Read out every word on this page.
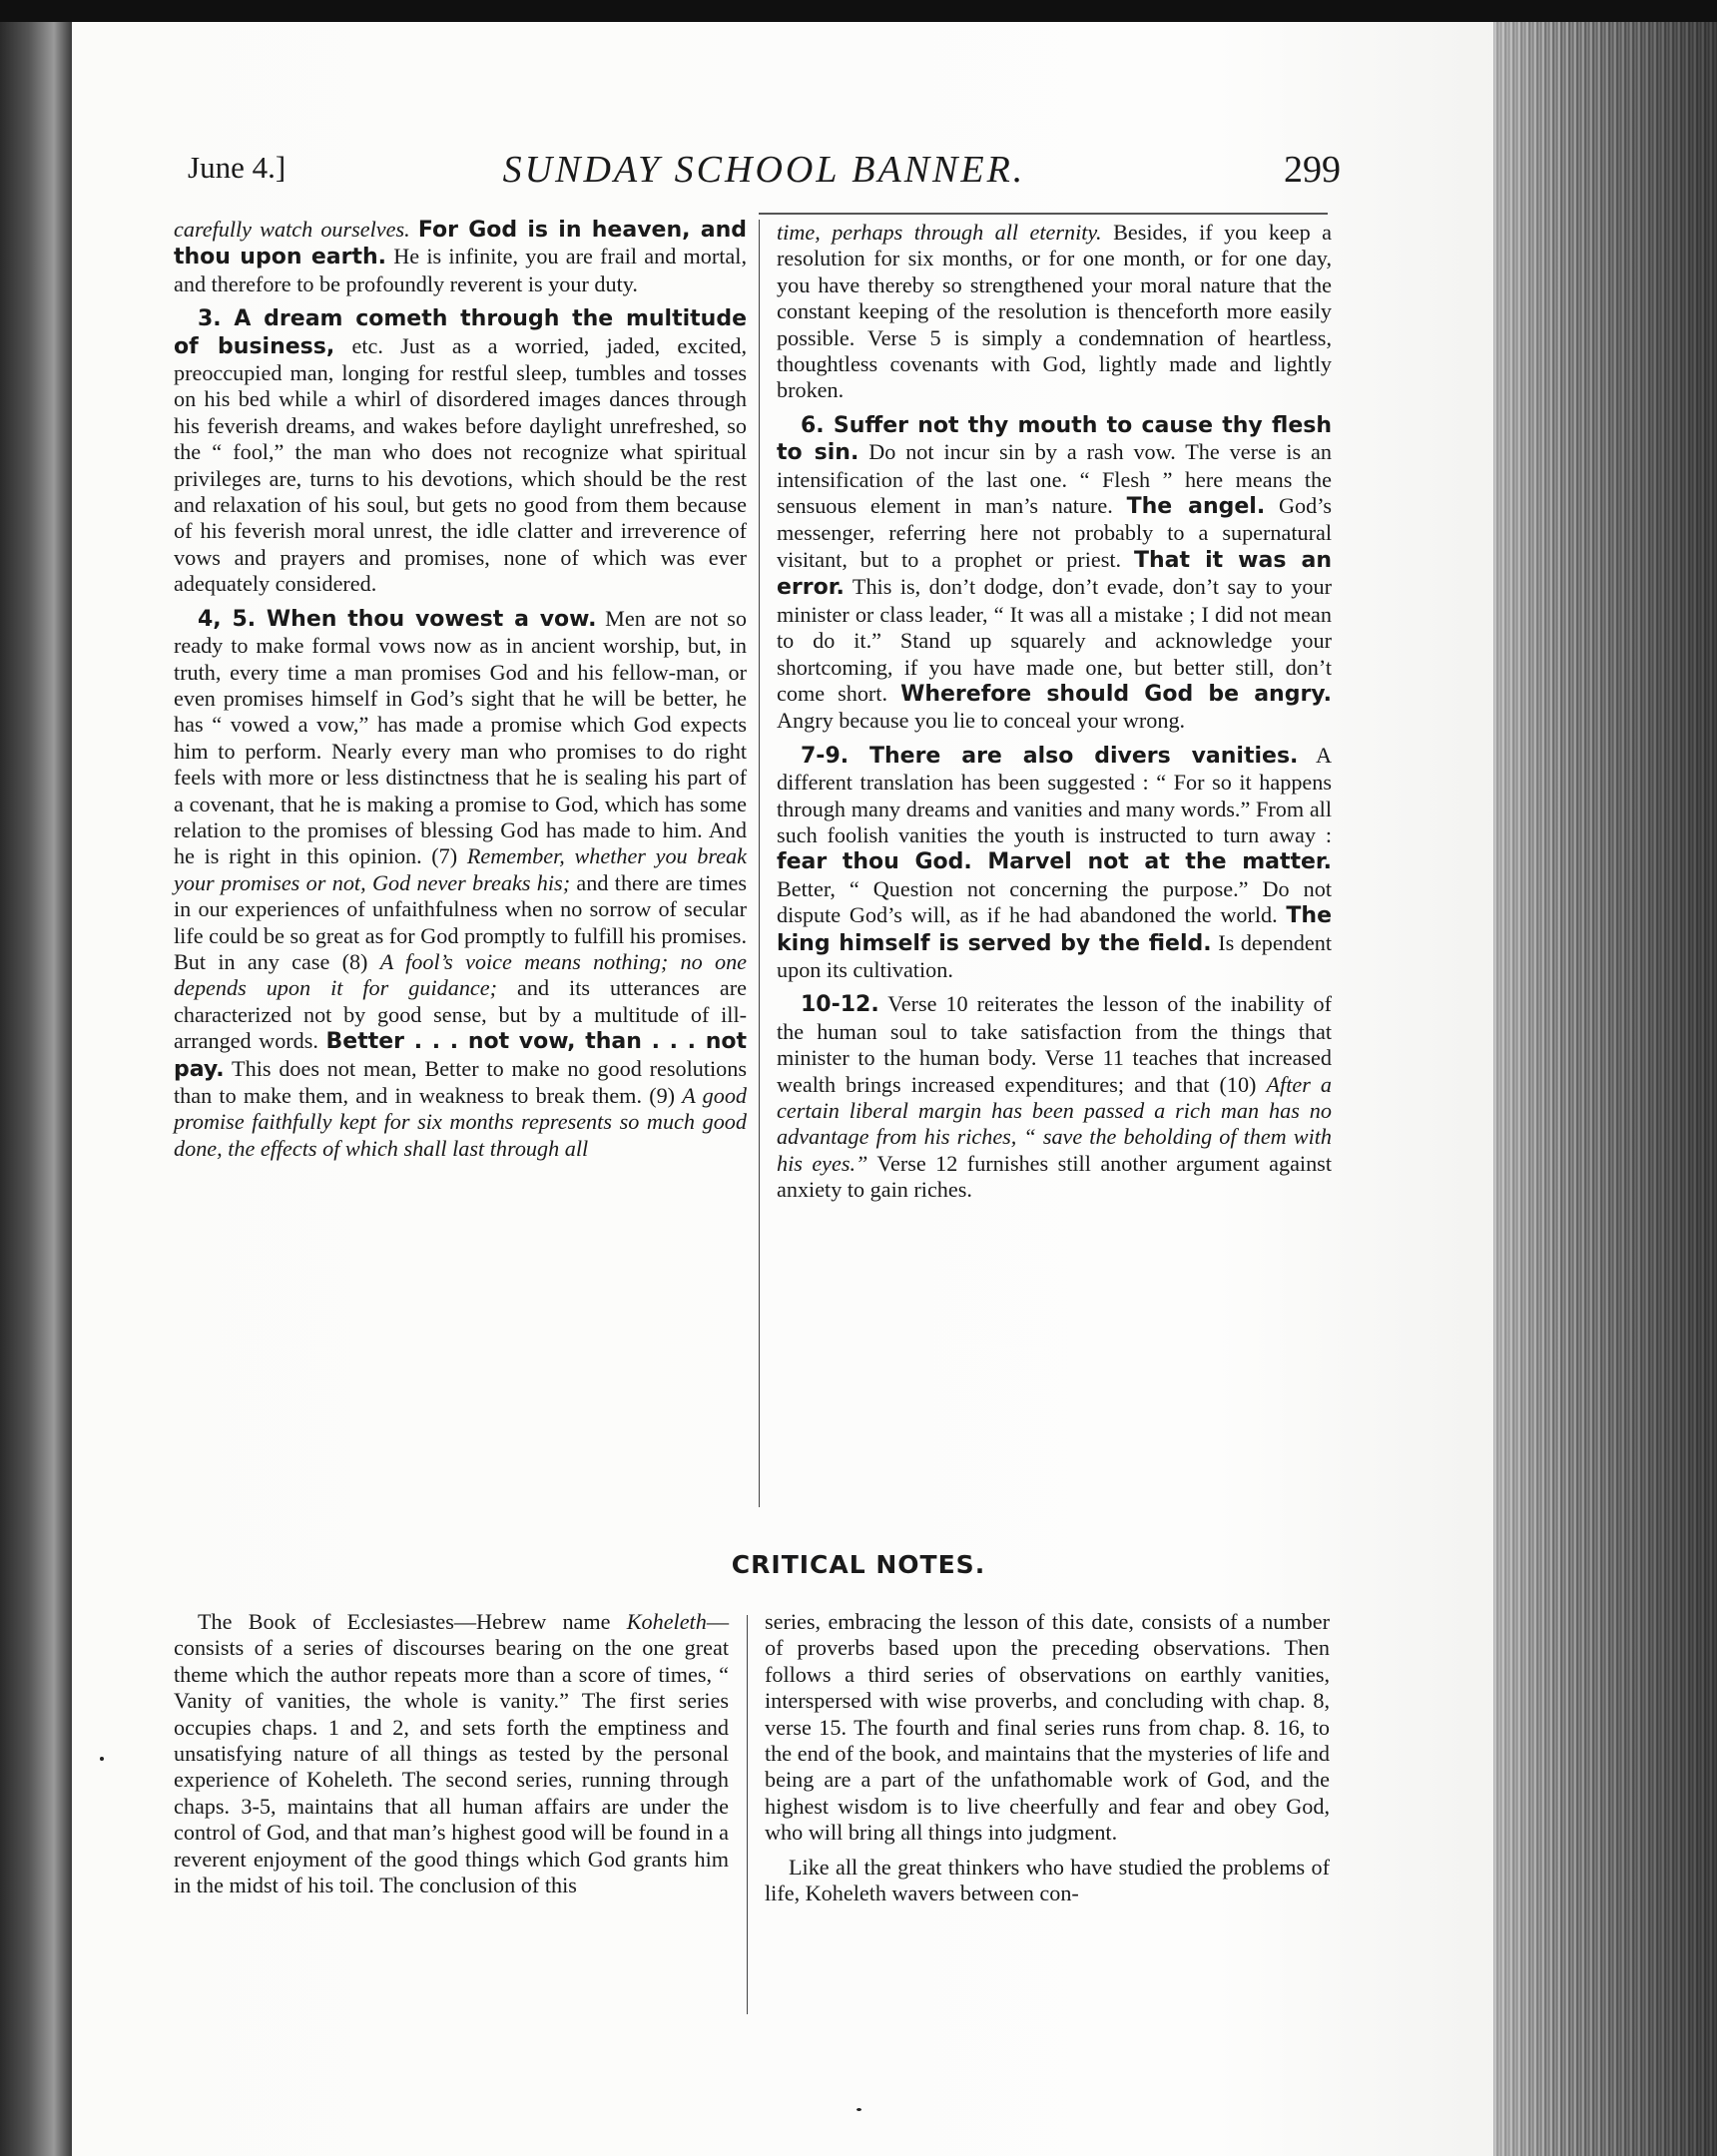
June 4.]	SUNDAY SCHOOL BANNER.	299

carefully watch ourselves. For God is in heaven, and thou upon earth. He is infinite, you are frail and mortal, and therefore to be profoundly reverent is your duty.

3. A dream cometh through the multitude of business, etc. Just as a worried, jaded, excited, preoccupied man, longing for restful sleep, tumbles and tosses on his bed while a whirl of disordered images dances through his feverish dreams, and wakes before daylight unrefreshed, so the “ fool,” the man who does not recognize what spiritual privileges are, turns to his devotions, which should be the rest and relaxation of his soul, but gets no good from them because of his feverish moral unrest, the idle clatter and irreverence of vows and prayers and promises, none of which was ever adequately considered.

4, 5. When thou vowest a vow. Men are not so ready to make formal vows now as in ancient worship, but, in truth, every time a man promises God and his fellow-man, or even promises himself in God’s sight that he will be better, he has “ vowed a vow,” has made a promise which God expects him to perform. Nearly every man who promises to do right feels with more or less distinctness that he is sealing his part of a covenant, that he is making a promise to God, which has some relation to the promises of blessing God has made to him. And he is right in this opinion. (7) Remember, whether you break your promises or not, God never breaks his; and there are times in our experiences of unfaithfulness when no sorrow of secular life could be so great as for God promptly to fulfill his promises. But in any case (8) A fool’s voice means nothing; no one depends upon it for guidance; and its utterances are characterized not by good sense, but by a multitude of ill-arranged words. Better . . . not vow, than . . . not pay. This does not mean, Better to make no good resolutions than to make them, and in weakness to break them. (9) A good promise faithfully kept for six months represents so much good done, the effects of which shall last through all

time, perhaps through all eternity. Besides, if you keep a resolution for six months, or for one month, or for one day, you have thereby so strengthened your moral nature that the constant keeping of the resolution is thenceforth more easily possible. Verse 5 is simply a condemnation of heartless, thoughtless covenants with God, lightly made and lightly broken.

6. Suffer not thy mouth to cause thy flesh to sin. Do not incur sin by a rash vow. The verse is an intensification of the last one. “ Flesh ” here means the sensuous element in man’s nature. The angel. God’s messenger, referring here not probably to a supernatural visitant, but to a prophet or priest. That it was an error. This is, don’t dodge, don’t evade, don’t say to your minister or class leader, “ It was all a mistake ; I did not mean to do it.” Stand up squarely and acknowledge your shortcoming, if you have made one, but better still, don’t come short. Wherefore should God be angry. Angry because you lie to conceal your wrong.

7-9. There are also divers vanities. A different translation has been suggested : “ For so it happens through many dreams and vanities and many words.” From all such foolish vanities the youth is instructed to turn away : fear thou God. Marvel not at the matter. Better, “ Question not concerning the purpose.” Do not dispute God’s will, as if he had abandoned the world. The king himself is served by the field. Is dependent upon its cultivation.

10-12. Verse 10 reiterates the lesson of the inability of the human soul to take satisfaction from the things that minister to the human body. Verse 11 teaches that increased wealth brings increased expenditures; and that (10) After a certain liberal margin has been passed a rich man has no advantage from his riches, “ save the beholding of them with his eyes.” Verse 12 furnishes still another argument against anxiety to gain riches.

CRITICAL NOTES.

The Book of Ecclesiastes—Hebrew name Koheleth—consists of a series of discourses bearing on the one great theme which the author repeats more than a score of times, “ Vanity of vanities, the whole is vanity.” The first series occupies chaps. 1 and 2, and sets forth the emptiness and unsatisfying nature of all things as tested by the personal experience of Koheleth. The second series, running through chaps. 3-5, maintains that all human affairs are under the control of God, and that man’s highest good will be found in a reverent enjoyment of the good things which God grants him in the midst of his toil. The conclusion of this

series, embracing the lesson of this date, consists of a number of proverbs based upon the preceding observations. Then follows a third series of observations on earthly vanities, interspersed with wise proverbs, and concluding with chap. 8, verse 15. The fourth and final series runs from chap. 8. 16, to the end of the book, and maintains that the mysteries of life and being are a part of the unfathomable work of God, and the highest wisdom is to live cheerfully and fear and obey God, who will bring all things into judgment.

Like all the great thinkers who have studied the problems of life, Koheleth wavers between con-
